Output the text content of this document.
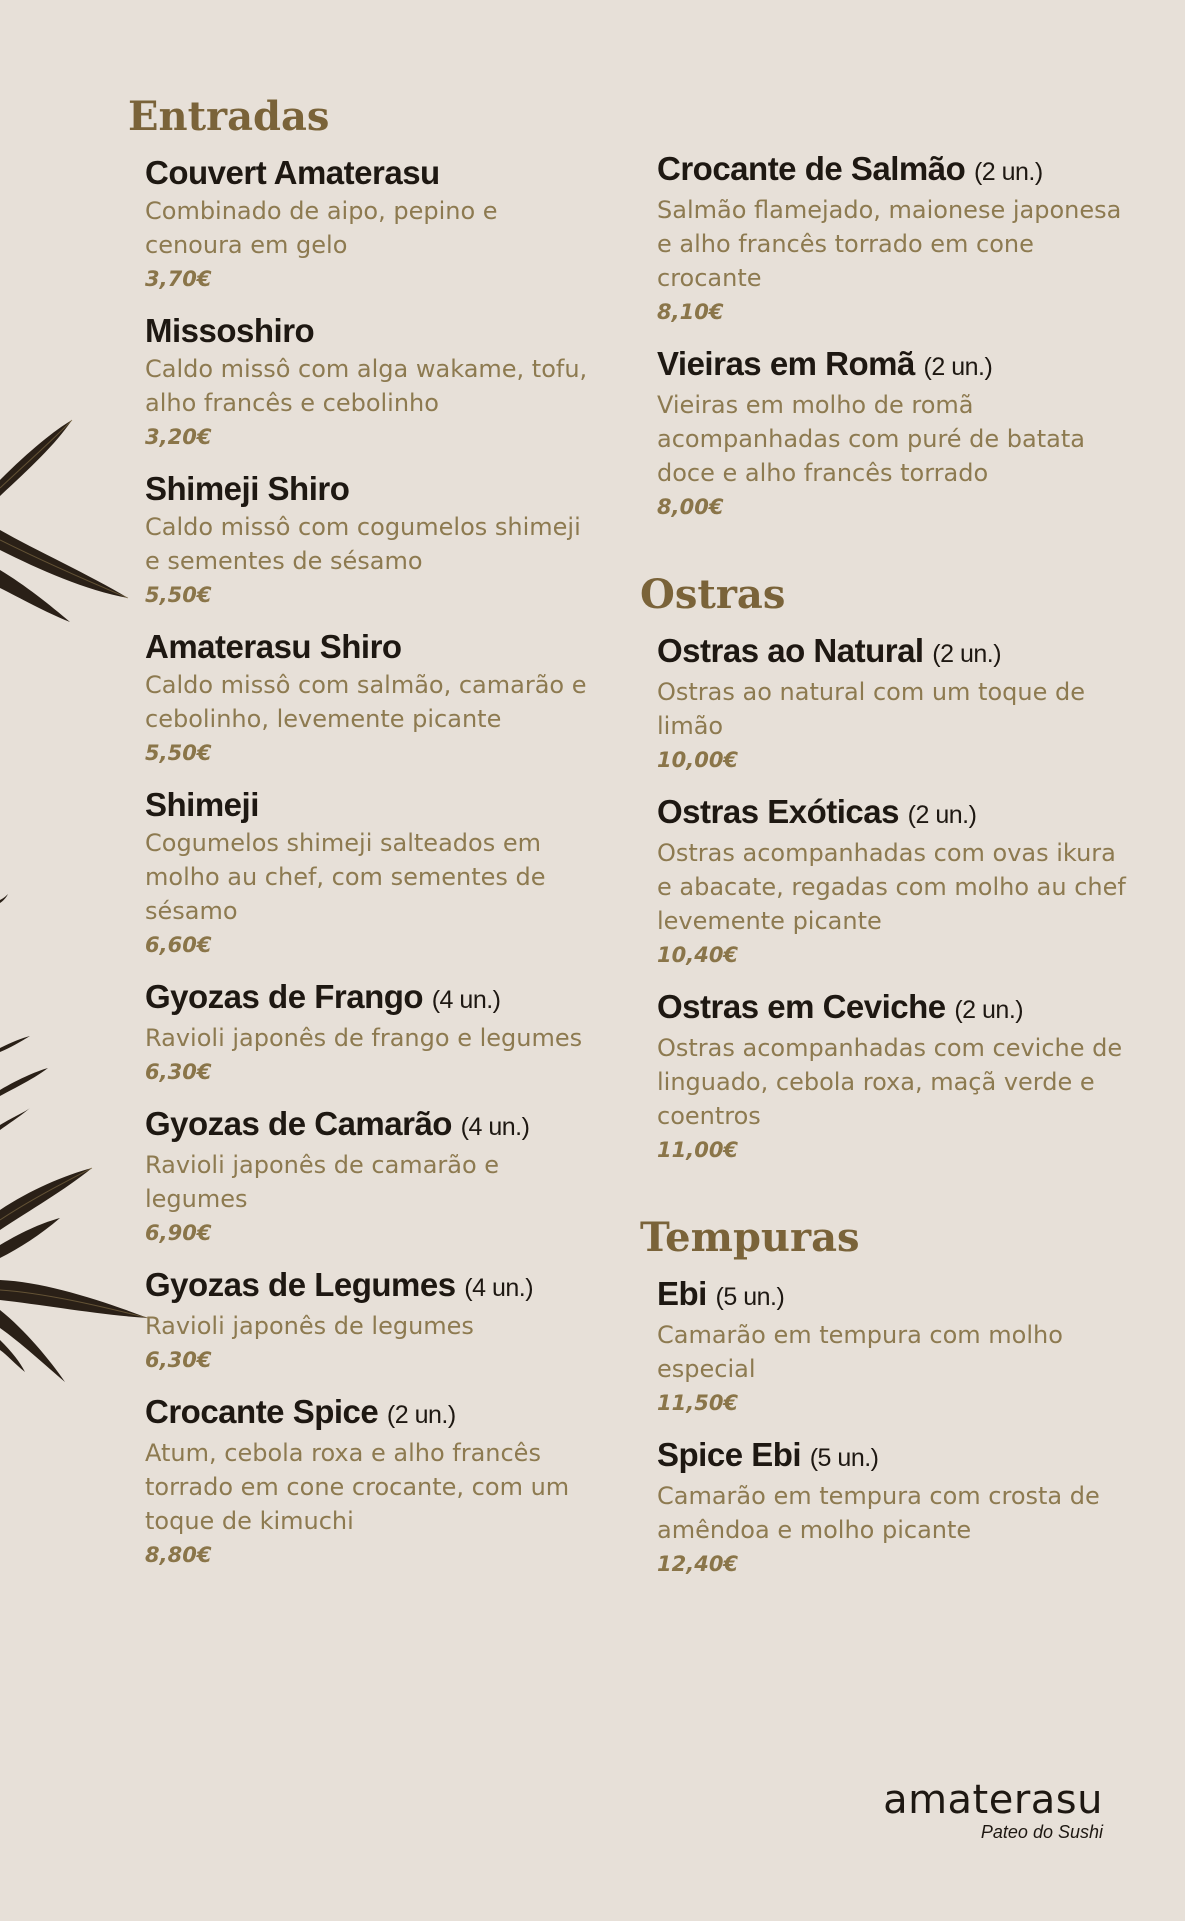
Entradas
Couvert Amaterasu
Combinado de aipo, pepino e cenoura em gelo
3,70€
Missoshiro
Caldo missô com alga wakame, tofu, alho francês e cebolinho
3,20€
Shimeji Shiro
Caldo missô com cogumelos shimeji e sementes de sésamo
5,50€
Amaterasu Shiro
Caldo missô com salmão, camarão e cebolinho, levemente picante
5,50€
Shimeji
Cogumelos shimeji salteados em molho au chef, com sementes de sésamo
6,60€
Gyozas de Frango (4 un.)
Ravioli japonês de frango e legumes
6,30€
Gyozas de Camarão (4 un.)
Ravioli japonês de camarão e legumes
6,90€
Gyozas de Legumes (4 un.)
Ravioli japonês de legumes
6,30€
Crocante Spice (2 un.)
Atum, cebola roxa e alho francês torrado em cone crocante, com um toque de kimuchi
8,80€
Crocante de Salmão (2 un.)
Salmão flamejado, maionese japonesa e alho francês torrado em cone crocante
8,10€
Vieiras em Romã (2 un.)
Vieiras em molho de romã acompanhadas com puré de batata doce e alho francês torrado
8,00€
Ostras
Ostras ao Natural (2 un.)
Ostras ao natural com um toque de limão
10,00€
Ostras Exóticas (2 un.)
Ostras acompanhadas com ovas ikura e abacate, regadas com molho au chef levemente picante
10,40€
Ostras em Ceviche (2 un.)
Ostras acompanhadas com ceviche de linguado, cebola roxa, maçã verde e coentros
11,00€
Tempuras
Ebi (5 un.)
Camarão em tempura com molho especial
11,50€
Spice Ebi (5 un.)
Camarão em tempura com crosta de amêndoa e molho picante
12,40€
amaterasu
Pateo do Sushi
